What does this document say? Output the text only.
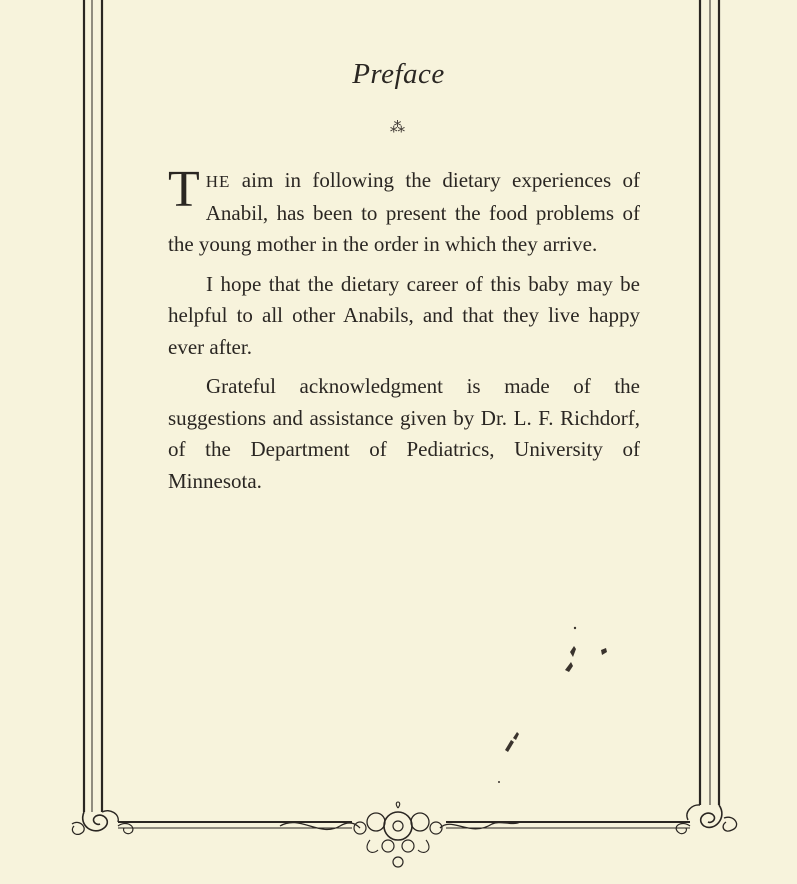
Preface
⁂

THE aim in following the dietary experiences of Anabil, has been to present the food problems of the young mother in the order in which they arrive.

I hope that the dietary career of this baby may be helpful to all other Anabils, and that they live happy ever after.

Grateful acknowledgment is made of the suggestions and assistance given by Dr. L. F. Richdorf, of the Department of Pediatrics, University of Minnesota.
